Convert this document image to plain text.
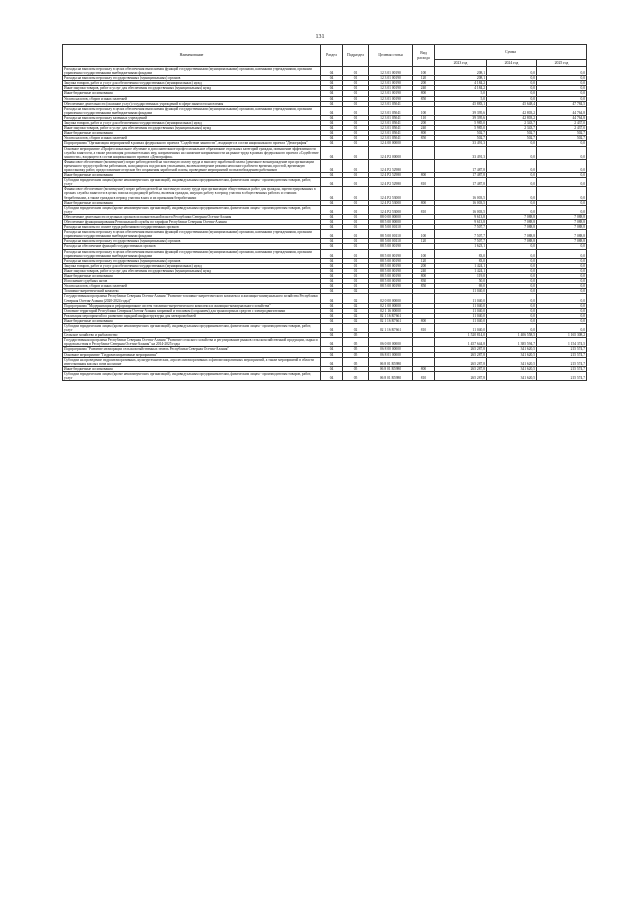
131
Наименование	Раздел	Подраздел	Целевая статья	Вид расхода	Сумма		
					2023 год	2024 год	2025 год
Расходы на выплаты персоналу в целях обеспечения выполнения функций государственными (муниципальными) органами, казенными учреждениями, органами управления государственными внебюджетными фондами	04	01	12 3 01 00190	100	208,1	0,0	0,0
Расходы на выплаты персоналу государственных (муниципальных) органов	04	01	12 3 01 00190	120	208,1	0,0	0,0
Закупка товаров, работ и услуг для обеспечения государственных (муниципальных) нужд	04	01	12 3 01 00190	200	4 184,2	0,0	0,0
Иные закупки товаров, работ и услуг для обеспечения государственных (муниципальных) нужд	04	01	12 3 01 00190	240	4 184,2	0,0	0,0
Иные бюджетные ассигнования	04	01	12 3 01 00190	800	5,0	0,0	0,0
Уплата налогов, сборов и иных платежей	04	01	12 3 01 00190	850	5,0	0,0	0,0
Обеспечение деятельности (оказание услуг) государственных учреждений в сфере занятости населения	04	01	12 3 01 05041		45 883,1	45 648,4	47 784,5
Расходы на выплаты персоналу в целях обеспечения выполнения функций государственными (муниципальными) органами, казенными учреждениями, органами управления государственными внебюджетными фондами	04	01	12 3 01 05041	100	39 395,6	42 803,2	44 764,8
Расходы на выплаты персоналу казенных учреждений	04	01	12 3 01 05041	110	39 395,6	42 803,2	44 764,8
Закупка товаров, работ и услуг для обеспечения государственных (муниципальных) нужд	04	01	12 3 01 05041	200	5 985,0	2 343,7	2 437,0
Иные закупки товаров, работ и услуг для обеспечения государственных (муниципальных) нужд	04	01	12 3 01 05041	240	5 985,0	2 343,7	2 437,0
Иные бюджетные ассигнования	04	01	12 3 01 05041	800	502,7	502,7	502,7
Уплата налогов, сборов и иных платежей	04	01	12 3 01 05041	850	502,7	502,7	502,7
Подпрограмма "Организация мероприятий в рамках федерального проекта "Содействие занятости", входящего в состав национального проекта "Демография"	04	01	12 4 00 00000		33 491,3	0,0	0,0
Основное мероприятие «Профессиональное обучение и дополнительное профессиональное образование отдельных категорий граждан, повышение эффективности службы занятости, а также реализация дополнительных мер, направленных на снижение напряженности на рынке труда в рамках федерального проекта «Содействие занятости», входящего в состав национального проекта «Демография»	04	01	12 4 P2 00000		33 491,3	0,0	0,0
Финансовое обеспечение (возмещение) затрат работодателей на частичную оплату труда и выплату заработной платы (денежное вознаграждение при организации временного трудоустройства работников, находящихся под риском увольнения, включая введение режима неполного рабочего времени, простой, временную приостановку работ, предоставление отпусков без сохранения заработной платы, проведение мероприятий по высвобождению работников	04	01	12 4 P2 52980		17 487,8	0,0	0,0
Иные бюджетные ассигнования	04	01	12 4 P2 52980	800	17 487,8	0,0	0,0
Субсидии юридическим лицам (кроме некоммерческих организаций), индивидуальным предпринимателям, физическим лицам - производителям товаров, работ, услуг	04	01	12 4 P2 52980	810	17 487,8	0,0	0,0
Финансовое обеспечение (возмещение) затрат работодателей на частичную оплату труда при организации общественных работ для граждан, зарегистрированных в органах службы занятости в целях поиска подходящей работы, включая граждан, ищущих работу в период участия в общественных работах и ставших безработными, а также граждан в период участия в них и их признания безработными	04	01	12 4 P2 53000		16 003,5	0,0	0,0
Иные бюджетные ассигнования	04	01	12 4 P2 53000	800	16 003,5	0,0	0,0
Субсидии юридическим лицам (кроме некоммерческих организаций), индивидуальным предпринимателям, физическим лицам - производителям товаров, работ, услуг	04	01	12 4 P2 53000	810	16 003,5	0,0	0,0
Обеспечение деятельности отдельных органов исполнительной власти Республики Северная Осетия-Алания	04	01	88 0 00 00000		9 613,8	7 088,8	7 088,8
Обеспечение функционирования Региональной службы по тарифам Республики Северная Осетия-Алания	04	01	88 5 00 00000		9 613,8	7 088,8	7 088,8
Расходы на выплаты по оплате труда работников государственных органов	04	01	88 5 00 00110		7 507,7	7 088,8	7 088,8
Расходы на выплаты персоналу в целях обеспечения выполнения функций государственными (муниципальными) органами, казенными учреждениями, органами управления государственными внебюджетными фондами	04	01	88 5 00 00110	100	7 507,7	7 088,8	7 088,8
Расходы на выплаты персоналу государственных (муниципальных) органов	04	01	88 5 00 00110	120	7 507,7	7 088,8	7 088,8
Расходы на обеспечение функций государственных органов	04	01	88 5 00 00190		1 623,1	0,0	0,0
Расходы на выплаты персоналу в целях обеспечения выполнения функций государственными (муниципальными) органами, казенными учреждениями, органами управления государственными внебюджетными фондами	04	01	88 5 00 00190	100	83,0	0,0	0,0
Расходы на выплаты персоналу государственных (муниципальных) органов	04	01	88 5 00 00190	120	83,0	0,0	0,0
Закупка товаров, работ и услуг для обеспечения государственных (муниципальных) нужд	04	01	88 5 00 00190	200	1 424,1	0,0	0,0
Иные закупки товаров, работ и услуг для обеспечения государственных (муниципальных) нужд	04	01	88 5 00 00190	240	1 424,1	0,0	0,0
Иные бюджетные ассигнования	04	01	88 5 00 00190	800	119,0	0,0	0,0
Исполнение судебных актов	04	01	88 5 00 00190	830	50,0	0,0	0,0
Уплата налогов, сборов и иных платежей	04	01	88 5 00 00190	850	69,0	0,0	0,0
Топливно-энергетический комплекс	04	02			11 040,0	0,0	0,0
Государственная программа Республики Северная Осетия-Алания "Развитие топливно-энергетического комплекса и жилищно-коммунального хозяйства Республики Северная Осетия-Алания (2020-2024 годы)"	04	02	02 0 00 00000		11 040,0	0,0	0,0
Подпрограмма "Модернизация и реформирование систем топливно-энергетического комплекса и жилищно-коммунального хозяйства"	04	02	02 1 00 00000		11 040,0	0,0	0,0
Освоение территорий Республики Северная Осетия-Алания заправкой и топливом (созданием) для транспортных средств с электродвигателями	04	02	02 1 16 00000		11 040,0	0,0	0,0
Реализация мероприятий по развитию зарядной инфраструктуры для электромобилей	04	02	02 1 16 R7661		11 040,0	0,0	0,0
Иные бюджетные ассигнования	04	02	02 1 16 R7661	800	11 040,0	0,0	0,0
Субсидии юридическим лицам (кроме некоммерческих организаций), индивидуальным предпринимателям, физическим лицам - производителям товаров, работ, услуг	04	02	02 1 16 R7661	810	11 040,0	0,0	0,0
Сельское хозяйство и рыболовство	04	05			1 520 814,0	1 406 558,5	1 165 308,2
Государственная программа Республики Северная Осетия-Алания "Развитие сельского хозяйства и регулирование рынков сельскохозяйственной продукции, сырья и продовольствия в Республике Северная Осетия-Алания" на 2014-2025 годы	04	05	06 0 00 00000		1 457 644,8	1 385 594,7	1 154 374,5
Подпрограмма "Развитие мелиорации сельскохозяйственных земель Республики Северная Осетия-Алания"	04	05	06 8 00 00000		265 287,8	341 620,5	215 574,7
Основное мероприятие "Гидромелиоративные мероприятия"	04	05	06 8 01 00000		265 287,8	341 620,5	215 574,7
Субсидии на проведение гидромелиоративных, культуртехнических, агролесомелиоративных и фитомелиоративных мероприятий, а также мероприятий в области известкования кислых почв на пашне	04	05	06 8 01 R5980		265 287,8	341 620,5	215 574,7
Иные бюджетные ассигнования	04	05	06 8 01 R5980	800	265 287,8	341 620,5	215 574,7
Субсидии юридическим лицам (кроме некоммерческих организаций), индивидуальным предпринимателям, физическим лицам - производителям товаров, работ, услуг	04	05	06 8 01 R5980	810	265 287,8	341 620,5	215 574,7
